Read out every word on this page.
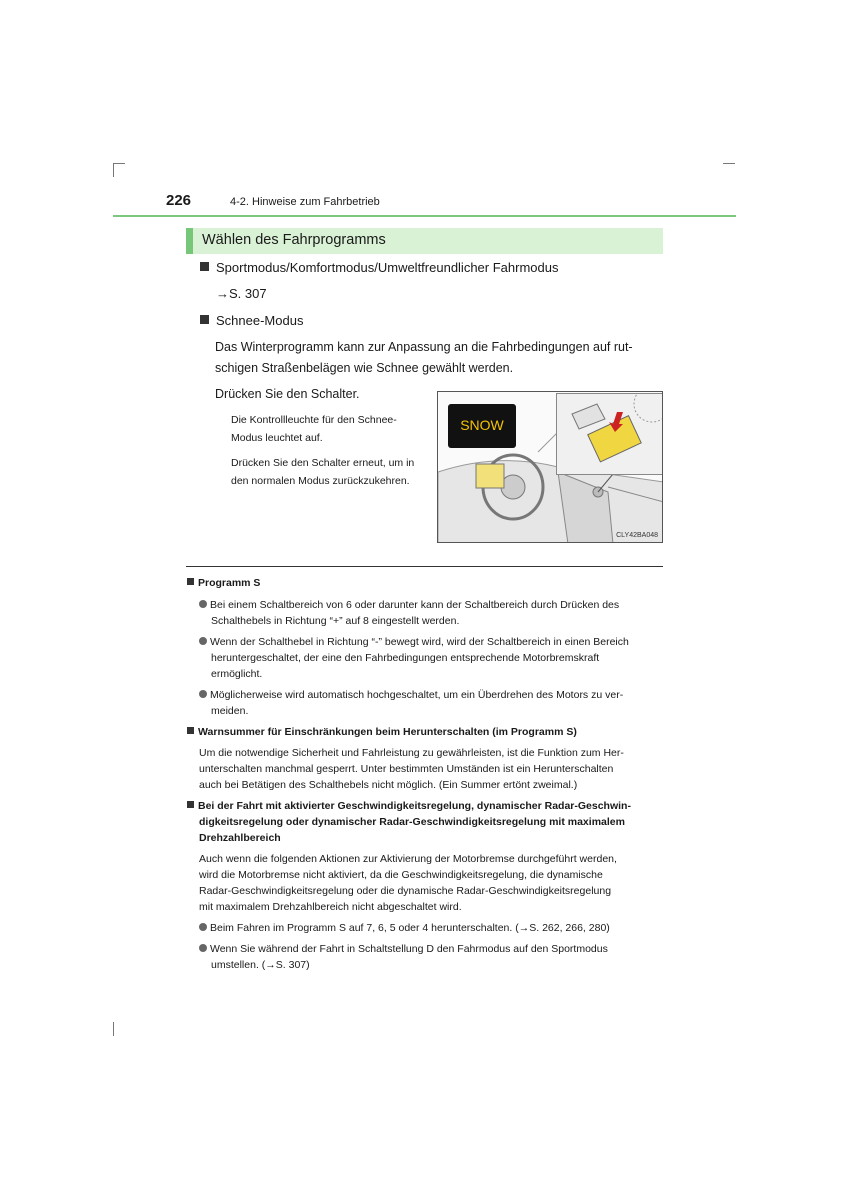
226	4-2. Hinweise zum Fahrbetrieb
Wählen des Fahrprogramms
Sportmodus/Komfortmodus/Umweltfreundlicher Fahrmodus
→S. 307
Schnee-Modus
Das Winterprogramm kann zur Anpassung an die Fahrbedingungen auf rut-
schigen Straßenbelägen wie Schnee gewählt werden.
Drücken Sie den Schalter.
Die Kontrollleuchte für den Schnee-
Modus leuchtet auf.
Drücken Sie den Schalter erneut, um in
den normalen Modus zurückzukehren.
SNOW
CLY42BA048
Programm S
Bei einem Schaltbereich von 6 oder darunter kann der Schaltbereich durch Drücken des
Schalthebels in Richtung “+” auf 8 eingestellt werden.
Wenn der Schalthebel in Richtung “-” bewegt wird, wird der Schaltbereich in einen Bereich
heruntergeschaltet, der eine den Fahrbedingungen entsprechende Motorbremskraft
ermöglicht.
Möglicherweise wird automatisch hochgeschaltet, um ein Überdrehen des Motors zu ver-
meiden.
Warnsummer für Einschränkungen beim Herunterschalten (im Programm S)
Um die notwendige Sicherheit und Fahrleistung zu gewährleisten, ist die Funktion zum Her-
unterschalten manchmal gesperrt. Unter bestimmten Umständen ist ein Herunterschalten
auch bei Betätigen des Schalthebels nicht möglich. (Ein Summer ertönt zweimal.)
Bei der Fahrt mit aktivierter Geschwindigkeitsregelung, dynamischer Radar-Geschwin-
digkeitsregelung oder dynamischer Radar-Geschwindigkeitsregelung mit maximalem
Drehzahlbereich
Auch wenn die folgenden Aktionen zur Aktivierung der Motorbremse durchgeführt werden,
wird die Motorbremse nicht aktiviert, da die Geschwindigkeitsregelung, die dynamische
Radar-Geschwindigkeitsregelung oder die dynamische Radar-Geschwindigkeitsregelung
mit maximalem Drehzahlbereich nicht abgeschaltet wird.
Beim Fahren im Programm S auf 7, 6, 5 oder 4 herunterschalten. (→S. 262, 266, 280)
Wenn Sie während der Fahrt in Schaltstellung D den Fahrmodus auf den Sportmodus
umstellen. (→S. 307)
